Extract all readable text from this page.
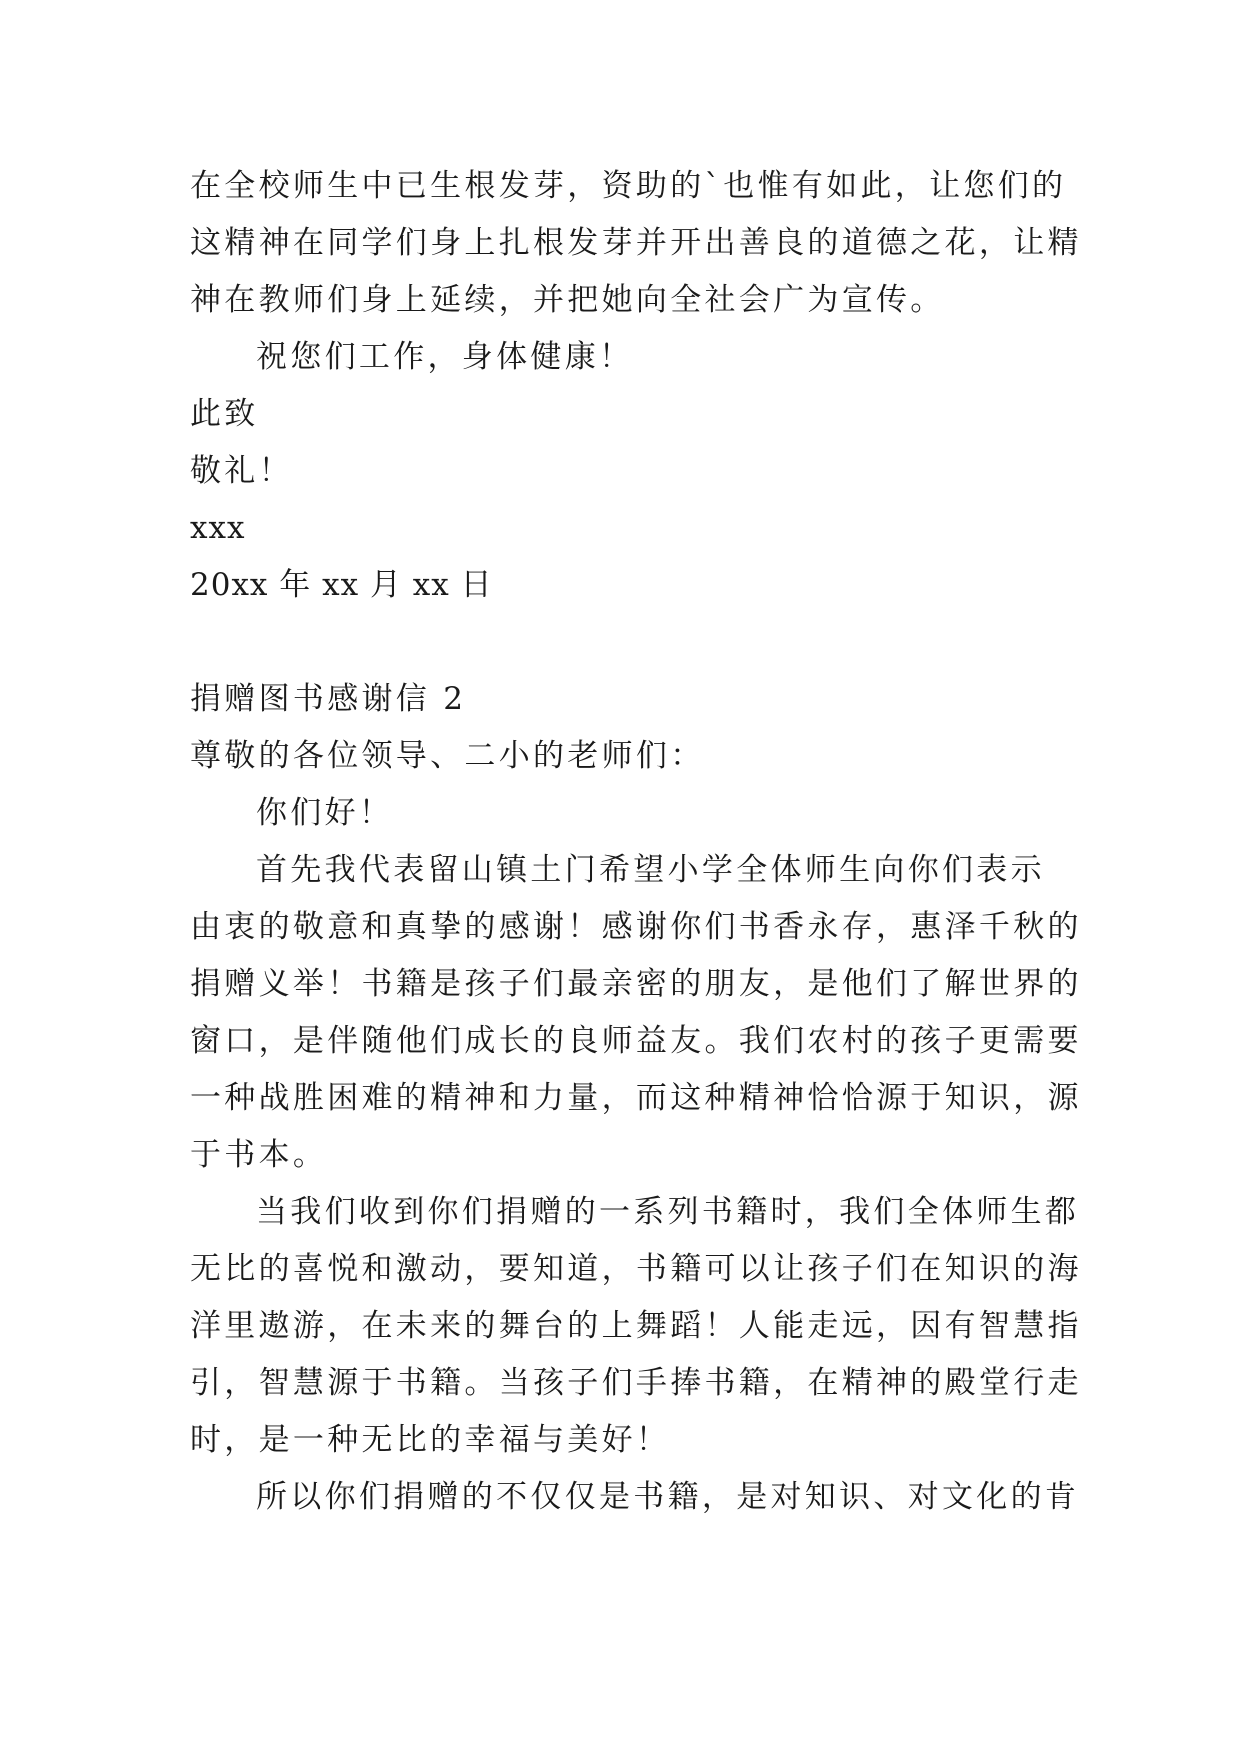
在全校师生中已生根发芽，资助的`也惟有如此，让您们的
这精神在同学们身上扎根发芽并开出善良的道德之花，让精
神在教师们身上延续，并把她向全社会广为宣传。
祝您们工作，身体健康！
此致
敬礼！
xxx
20xx 年 xx 月 xx 日
捐赠图书感谢信 2
尊敬的各位领导、二小的老师们：
你们好！
首先我代表留山镇土门希望小学全体师生向你们表示
由衷的敬意和真挚的感谢！感谢你们书香永存，惠泽千秋的
捐赠义举！书籍是孩子们最亲密的朋友，是他们了解世界的
窗口，是伴随他们成长的良师益友。我们农村的孩子更需要
一种战胜困难的精神和力量，而这种精神恰恰源于知识，源
于书本。
当我们收到你们捐赠的一系列书籍时，我们全体师生都
无比的喜悦和激动，要知道，书籍可以让孩子们在知识的海
洋里遨游，在未来的舞台的上舞蹈！人能走远，因有智慧指
引，智慧源于书籍。当孩子们手捧书籍，在精神的殿堂行走
时，是一种无比的幸福与美好！
所以你们捐赠的不仅仅是书籍，是对知识、对文化的肯
